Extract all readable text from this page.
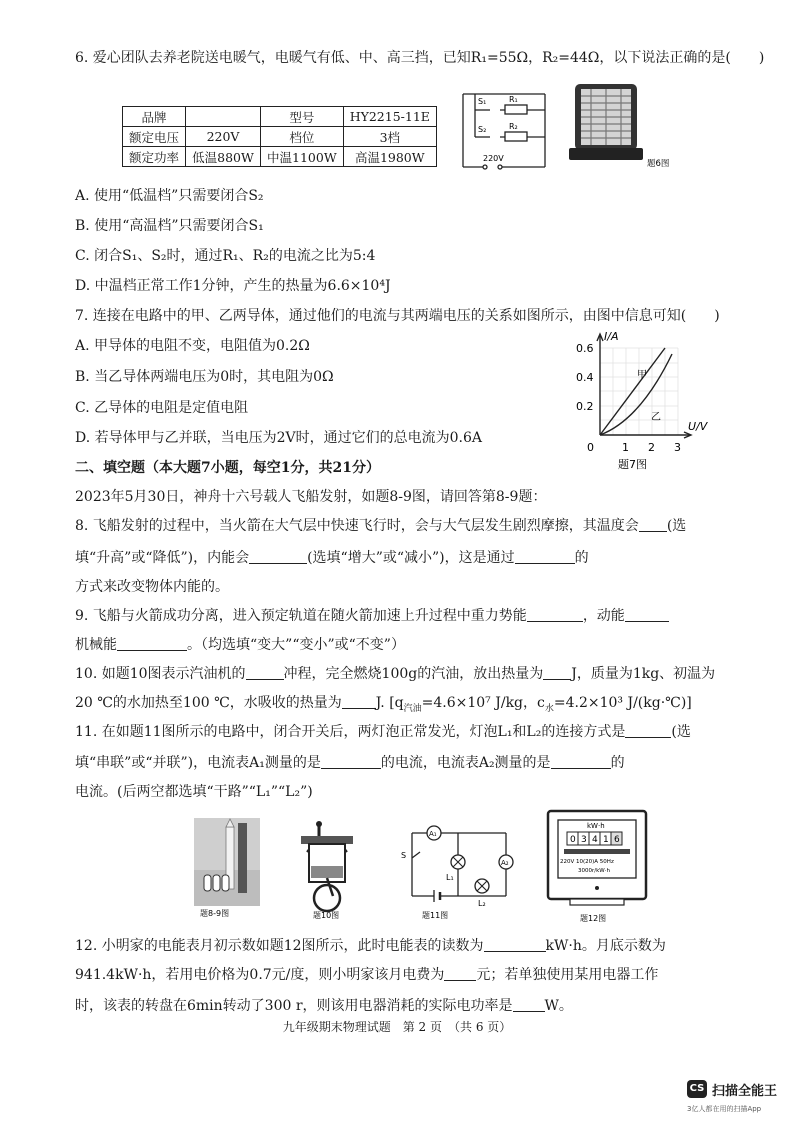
6. 爱心团队去养老院送电暖气，电暖气有低、中、高三挡，已知R₁=55Ω，R₂=44Ω，以下说法正确的是(　　)
品牌		型号	HY2215-11E
额定电压	220V	档位	3档
额定功率	低温880W	中温1100W	高温1980W
S₁	R₁
S₂	R₂
220V
题6图
A. 使用“低温档”只需要闭合S₂
B. 使用“高温档”只需要闭合S₁
C. 闭合S₁、S₂时，通过R₁、R₂的电流之比为5:4
D. 中温档正常工作1分钟，产生的热量为6.6×10⁴J
7. 连接在电路中的甲、乙两导体，通过他们的电流与其两端电压的关系如图所示，由图中信息可知(　　)
A. 甲导体的电阻不变，电阻值为0.2Ω
B. 当乙导体两端电压为0时，其电阻为0Ω
C. 乙导体的电阻是定值电阻
D. 若导体甲与乙并联，当电压为2V时，通过它们的总电流为0.6A
I/A
U/V
0.6
0.4
0.2
0	1 2 3
甲
乙
题7图
二、填空题（本大题7小题，每空1分，共21分）
2023年5月30日，神舟十六号载人飞船发射，如题8-9图，请回答第8-9题：
8. 飞船发射的过程中，当火箭在大气层中快速飞行时，会与大气层发生剧烈摩擦，其温度会 (选
填“升高”或“降低”)，内能会	(选填“增大”或“减小”)，这是通过	的
方式来改变物体内能的。
9. 飞船与火箭成功分离，进入预定轨道在随火箭加速上升过程中重力势能	，动能
机械能	。（均选填“变大”“变小”或“不变”）
10. 如题10图表示汽油机的	冲程，完全燃烧100g的汽油，放出热量为 J，质量为1kg、初温为
20 ℃的水加热至100 ℃，水吸收的热量为 J. [$q_{汽油}=4.6\times 10^7$ J/kg，$c_水=4.2\times 10^3$ J/(kg·℃)]
11. 在如题11图所示的电路中，闭合开关后，两灯泡正常发光，灯泡L₁和L₂的连接方式是	(选
填“串联”或“并联”)，电流表A₁测量的是	的电流，电流表A₂测量的是	的
电流。(后两空都选填“干路”“L₁”“L₂”)
题8-9图	题10图
A₁
A₂
S
L₁
L₂
题11图
kW·h
0 3 4 1 6
220V 10(20)A 50Hz
3000r/kW·h
题12图
12. 小明家的电能表月初示数如题12图所示，此时电能表的读数为	kW·h。月底示数为
941.4kW·h，若用电价格为0.7元/度，则小明家该月电费为 元；若单独使用某用电器工作
时，该表的转盘在6min转动了300 r，则该用电器消耗的实际电功率是 W。
九年级期末物理试题　第 2 页　（共 6 页）
CS 扫描全能王
3亿人都在用的扫描App
